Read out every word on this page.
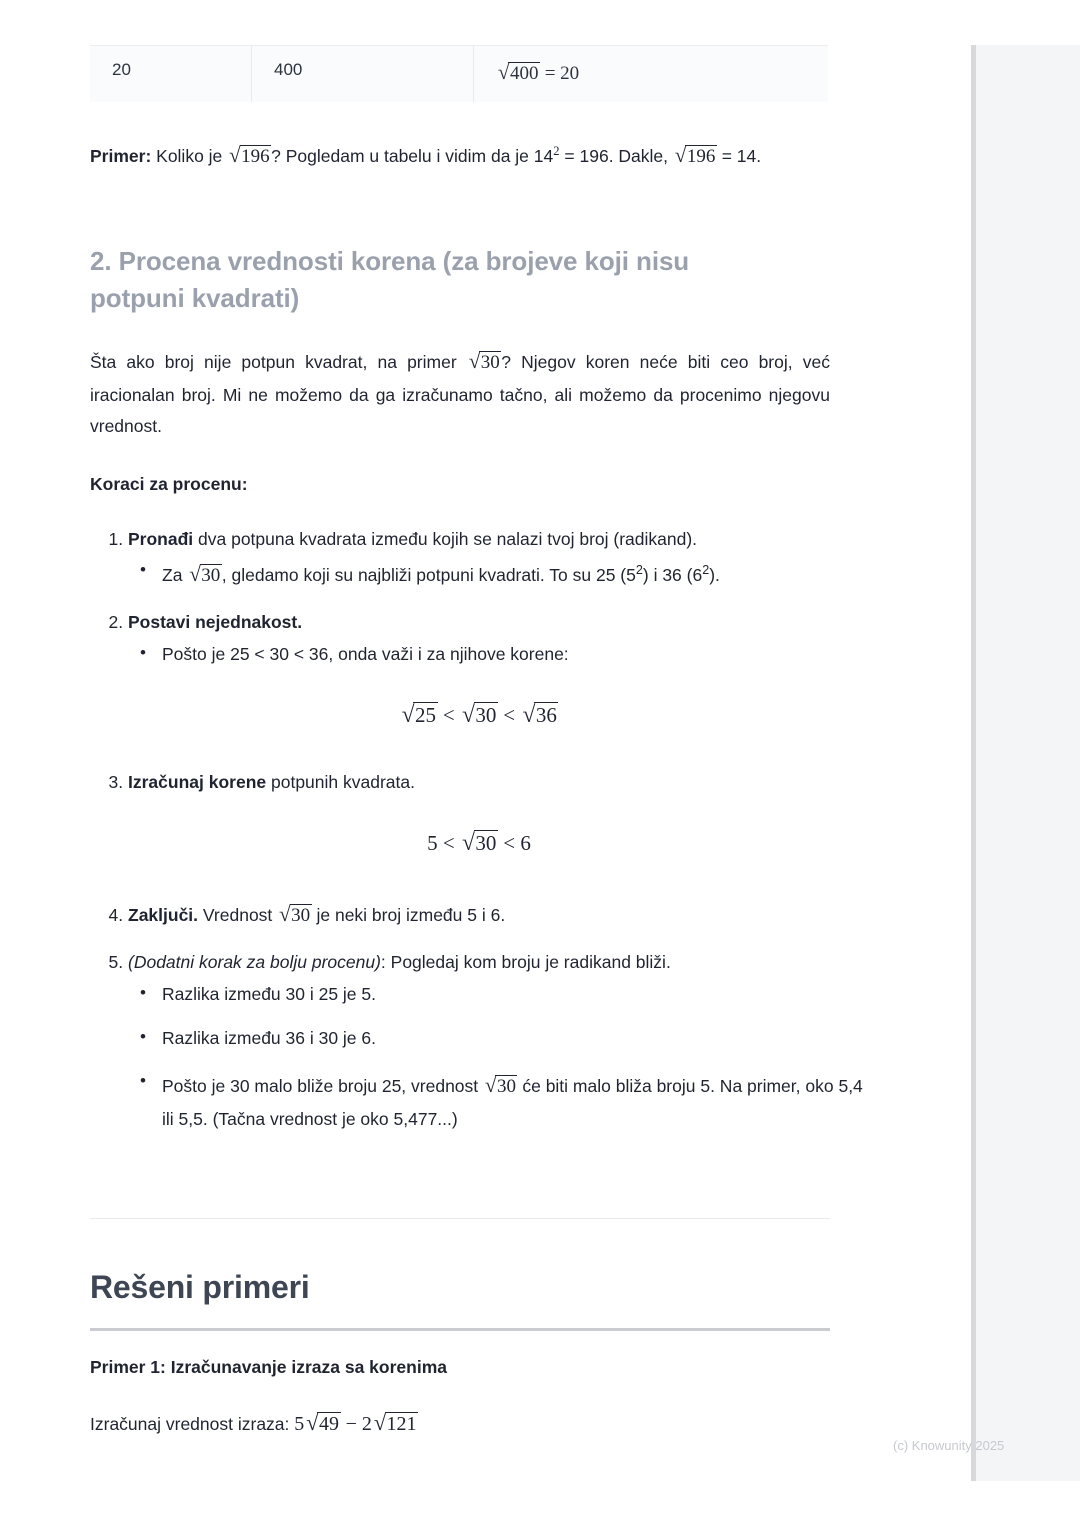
20	400	√400 = 20

Primer: Koliko je √196? Pogledam u tabelu i vidim da je $14^2 = 196$. Dakle, √196 = 14.

2. Procena vrednosti korena (za brojeve koji nisu potpuni kvadrati)

Šta ako broj nije potpun kvadrat, na primer √30? Njegov koren neće biti ceo broj, već iracionalan broj. Mi ne možemo da ga izračunamo tačno, ali možemo da procenimo njegovu vrednost.

Koraci za procenu:
1. Pronađi dva potpuna kvadrata između kojih se nalazi tvoj broj (radikand).
• Za √30, gledamo koji su najbliži potpuni kvadrati. To su 25 $(5^2)$ i 36 $(6^2)$.
2. Postavi nejednakost.
• Pošto je 25 < 30 < 36, onda važi i za njihove korene:
√25 < √30 < √36
3. Izračunaj korene potpunih kvadrata.
5 < √30 < 6
4. Zaključi. Vrednost √30 je neki broj između 5 i 6.
5. (Dodatni korak za bolju procenu): Pogledaj kom broju je radikand bliži.
• Razlika između 30 i 25 je 5.
• Razlika između 36 i 30 je 6.
• Pošto je 30 malo bliže broju 25, vrednost √30 će biti malo bliža broju 5. Na primer, oko 5,4 ili 5,5. (Tačna vrednost je oko 5,477...)
Rešeni primeri
Primer 1: Izračunavanje izraza sa korenima
Izračunaj vrednost izraza: 5√49 − 2√121
(c) Knowunity 2025
